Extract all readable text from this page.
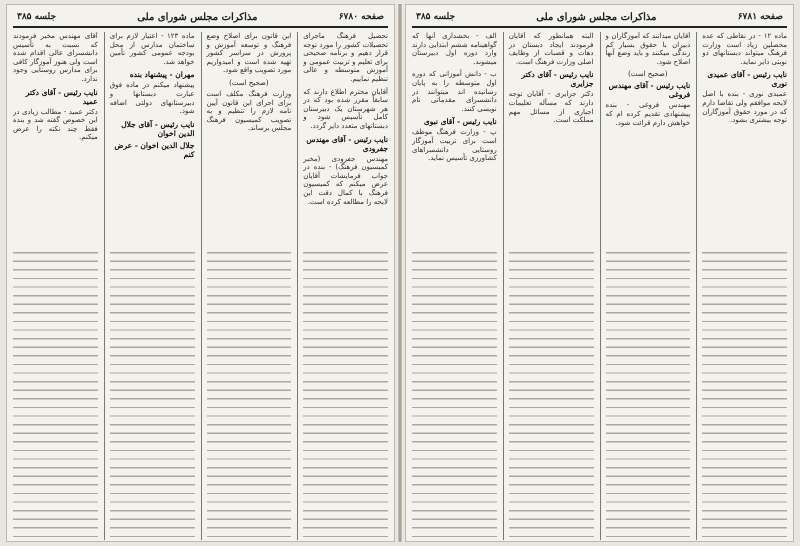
صفحه ۶۷۸۰
مذاکرات مجلس شورای ملی
جلسه ۳۸۵

تحصیل فرهنگ ماجرای تحصیلات کشور را مورد توجه قرار دهیم و برنامه صحیحی برای تعلیم و تربیت عمومی و آموزش متوسطه و عالی تنظیم نماییم.

آقایان محترم اطلاع دارند که سابقاً مقرر شده بود که در هر شهرستان یک دبیرستان کامل تأسیس شود و دبستانهای متعدد دایر گردد.

نایب رئیس - آقای مهندس جفرودی

مهندس جفرودی (مخبر کمیسیون فرهنگ) - بنده در جواب فرمایشات آقایان عرض میکنم که کمیسیون فرهنگ با کمال دقت این لایحه را مطالعه کرده است.

این قانون برای اصلاح وضع فرهنگ و توسعه آموزش و پرورش در سراسر کشور تهیه شده است و امیدواریم مورد تصویب واقع شود.

(صحیح است)

وزارت فرهنگ مکلف است برای اجرای این قانون آیین نامه لازم را تنظیم و به تصویب کمیسیون فرهنگ مجلس برساند.

ماده ۱۲۳ - اعتبار لازم برای ساختمان مدارس از محل بودجه عمومی کشور تأمین خواهد شد.

مهران - پیشنهاد بنده

پیشنهاد میکنم در ماده فوق عبارت دبستانها و دبیرستانهای دولتی اضافه شود.

نایب رئیس - آقای جلال الدین اخوان
جلال الدین اخوان - عرض کنم

آقای مهندس مخبر فرمودند که نسبت به تأسیس دانشسرای عالی اقدام شده است ولی هنوز آموزگار کافی برای مدارس روستایی وجود ندارد.

نایب رئیس - آقای دکتر عمید

دکتر عمید - مطالب زیادی در این خصوص گفته شد و بنده فقط چند نکته را عرض میکنم.

صفحه ۶۷۸۱
مذاکرات مجلس شورای ملی
جلسه ۳۸۵

ماده ۱۲ - در نقاطی که عده محصلین زیاد است وزارت فرهنگ میتواند دبستانهای دو نوبتی دایر نماید.

نایب رئیس - آقای عمیدی نوری

عمیدی نوری - بنده با اصل لایحه موافقم ولی تقاضا دارم که در مورد حقوق آموزگاران توجه بیشتری بشود.

آقایان میدانند که آموزگاران و دبیران با حقوق بسیار کم زندگی میکنند و باید وضع آنها اصلاح شود.

(صحیح است)
نایب رئیس - آقای مهندس فروغی

مهندس فروغی - بنده پیشنهادی تقدیم کرده ام که خواهش دارم قرائت شود.

البته همانطور که آقایان فرمودند ایجاد دبستان در دهات و قصبات از وظایف اصلی وزارت فرهنگ است.

نایب رئیس - آقای دکتر جزایری

دکتر جزایری - آقایان توجه دارند که مسأله تعلیمات اجباری از مسائل مهم مملکت است.

الف - بخشداری آنها که گواهینامه ششم ابتدایی دارند وارد دوره اول دبیرستان میشوند.

ب - دانش آموزانی که دوره اول متوسطه را به پایان رسانیده اند میتوانند در دانشسرای مقدماتی نام نویسی کنند.

نایب رئیس - آقای نبوی

پ - وزارت فرهنگ موظف است برای تربیت آموزگار روستایی دانشسراهای کشاورزی تأسیس نماید.
